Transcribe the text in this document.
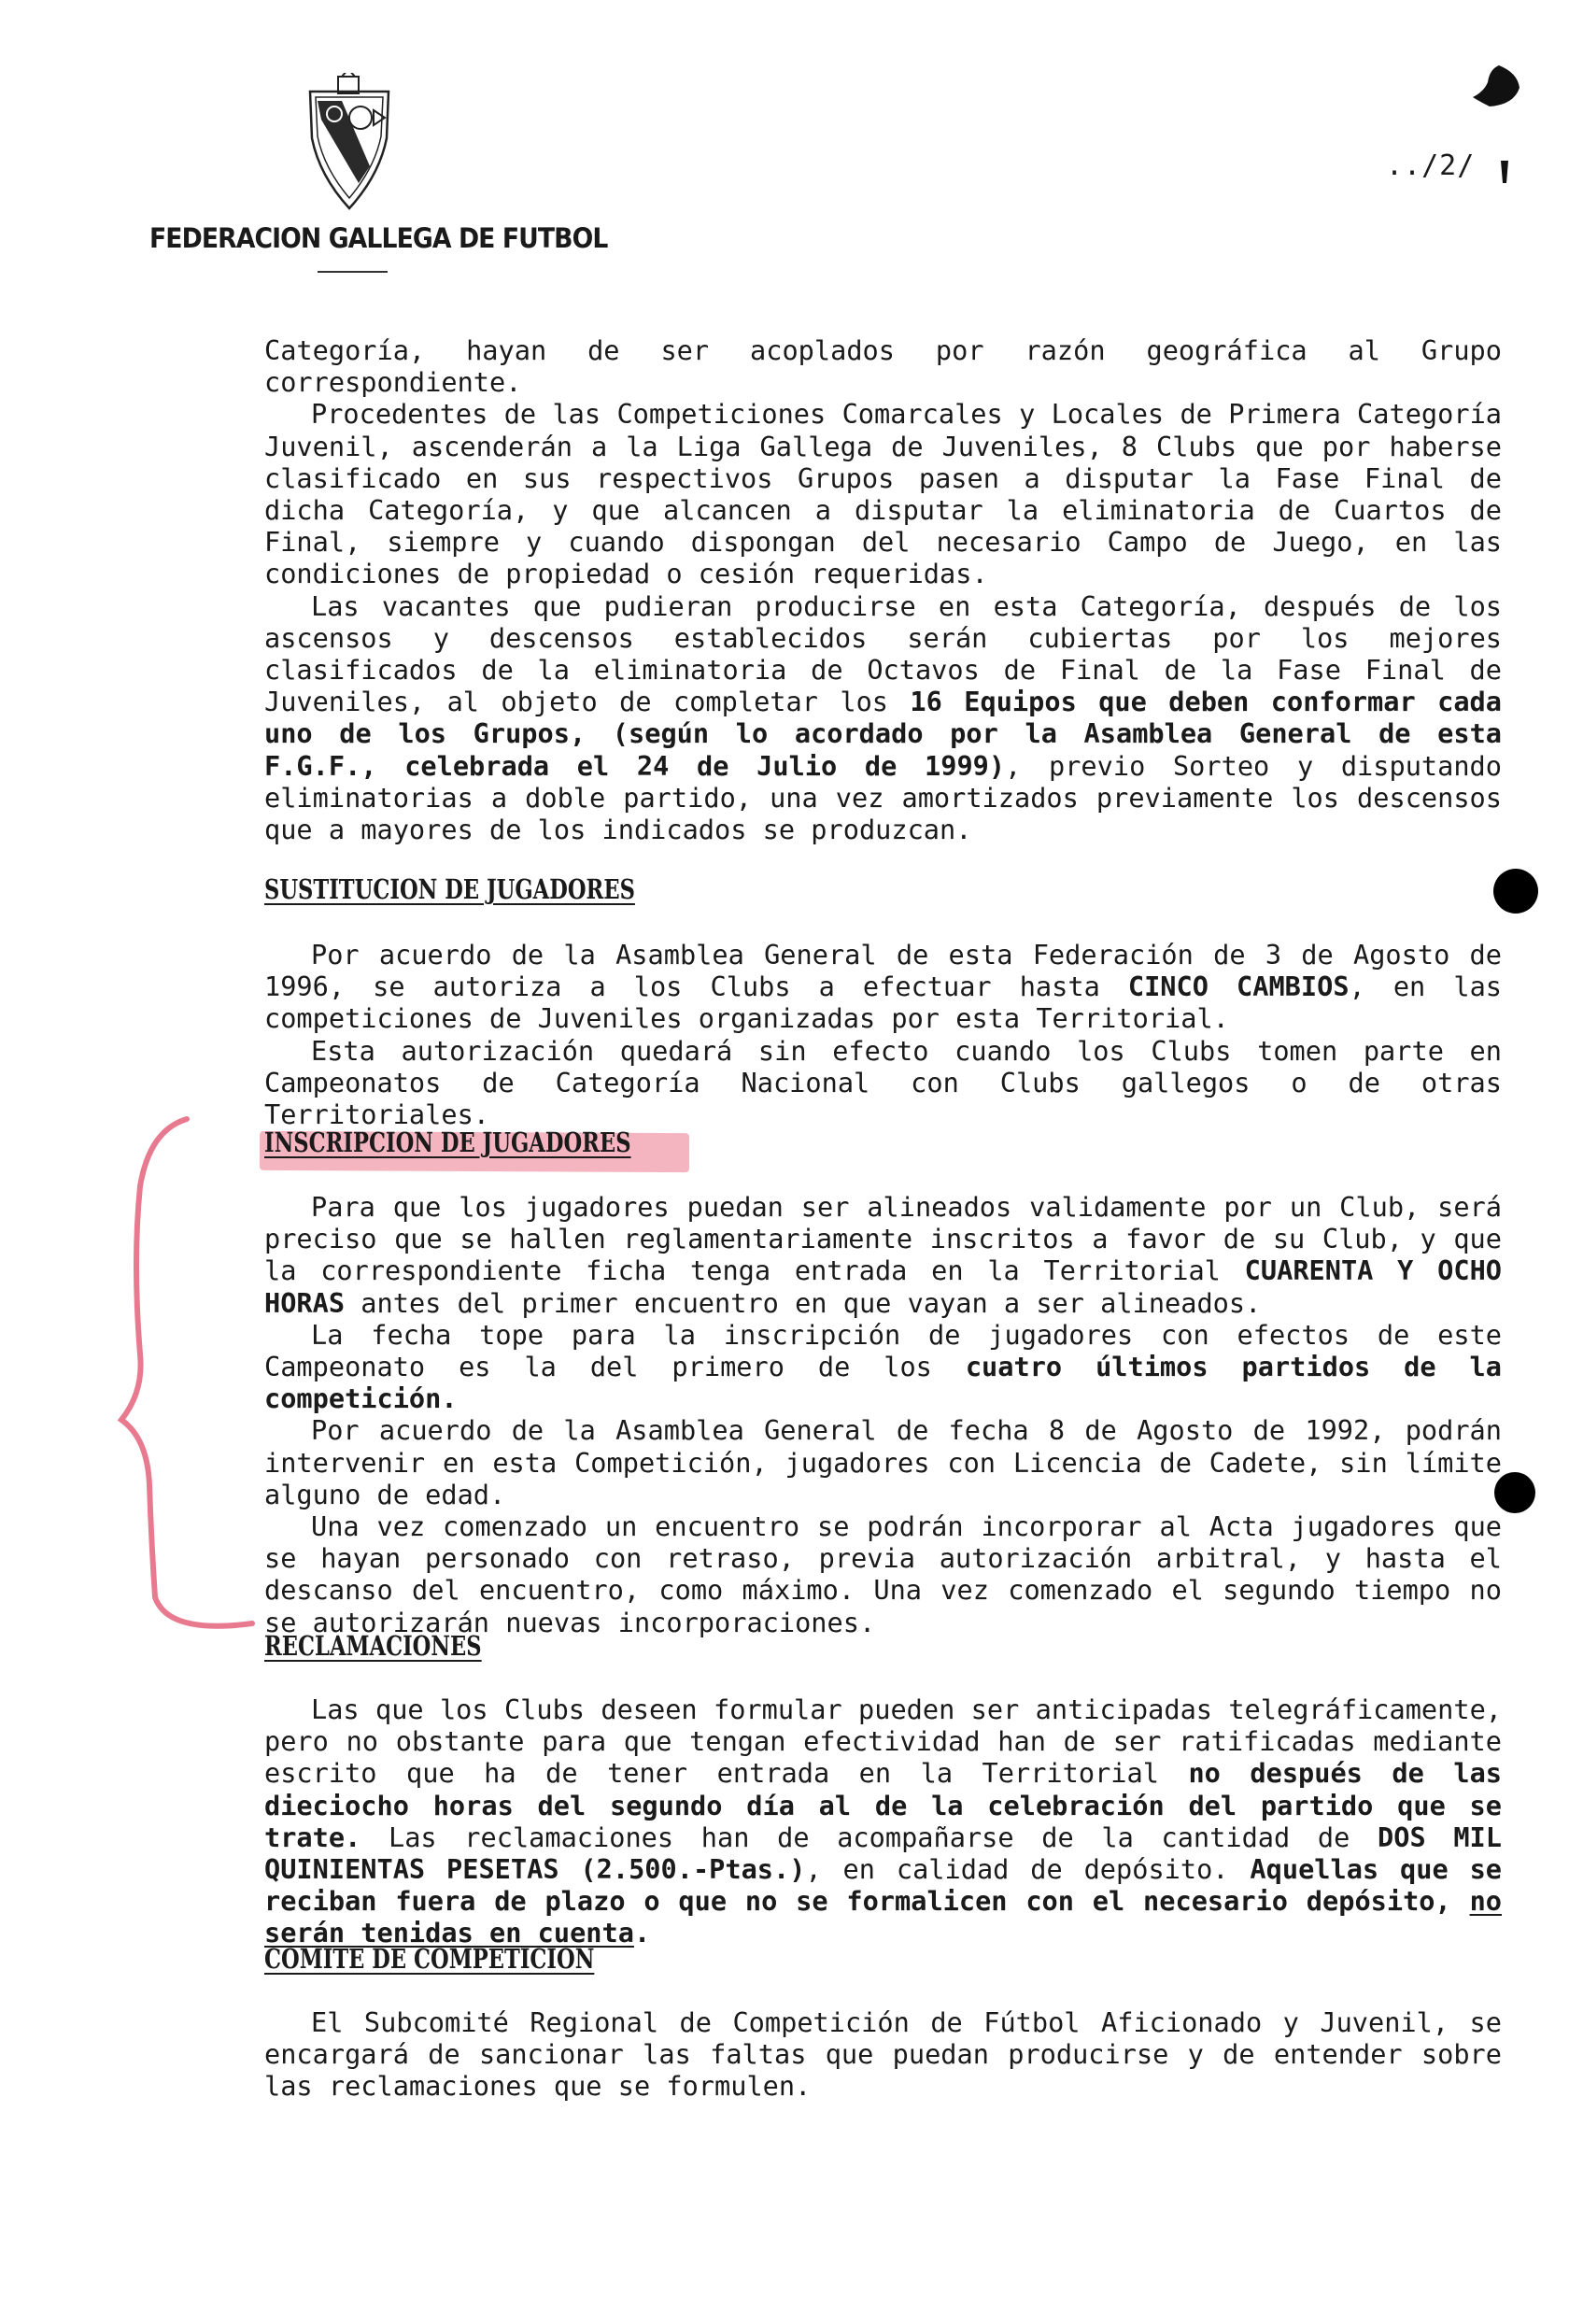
FEDERACION GALLEGA DE FUTBOL
../2/

Categoría, hayan de ser acoplados por razón geográfica al Grupo correspondiente.

Procedentes de las Competiciones Comarcales y Locales de Primera Categoría Juvenil, ascenderán a la Liga Gallega de Juveniles, 8 Clubs que por haberse clasificado en sus respectivos Grupos pasen a disputar la Fase Final de dicha Categoría, y que alcancen a disputar la eliminatoria de Cuartos de Final, siempre y cuando dispongan del necesario Campo de Juego, en las condiciones de propiedad o cesión requeridas.

Las vacantes que pudieran producirse en esta Categoría, después de los ascensos y descensos establecidos serán cubiertas por los mejores clasificados de la eliminatoria de Octavos de Final de la Fase Final de Juveniles, al objeto de completar los 16 Equipos que deben conformar cada uno de los Grupos, (según lo acordado por la Asamblea General de esta F.G.F., celebrada el 24 de Julio de 1999), previo Sorteo y disputando eliminatorias a doble partido, una vez amortizados previamente los descensos que a mayores de los indicados se produzcan.

SUSTITUCION DE JUGADORES

Por acuerdo de la Asamblea General de esta Federación de 3 de Agosto de 1996, se autoriza a los Clubs a efectuar hasta CINCO CAMBIOS, en las competiciones de Juveniles organizadas por esta Territorial.

Esta autorización quedará sin efecto cuando los Clubs tomen parte en Campeonatos de Categoría Nacional con Clubs gallegos o de otras Territoriales.

INSCRIPCION DE JUGADORES

Para que los jugadores puedan ser alineados validamente por un Club, será preciso que se hallen reglamentariamente inscritos a favor de su Club, y que la correspondiente ficha tenga entrada en la Territorial CUARENTA Y OCHO HORAS antes del primer encuentro en que vayan a ser alineados.

La fecha tope para la inscripción de jugadores con efectos de este Campeonato es la del primero de los cuatro últimos partidos de la competición.

Por acuerdo de la Asamblea General de fecha 8 de Agosto de 1992, podrán intervenir en esta Competición, jugadores con Licencia de Cadete, sin límite alguno de edad.

Una vez comenzado un encuentro se podrán incorporar al Acta jugadores que se hayan personado con retraso, previa autorización arbitral, y hasta el descanso del encuentro, como máximo. Una vez comenzado el segundo tiempo no se autorizarán nuevas incorporaciones.

RECLAMACIONES

Las que los Clubs deseen formular pueden ser anticipadas telegráficamente, pero no obstante para que tengan efectividad han de ser ratificadas mediante escrito que ha de tener entrada en la Territorial no después de las dieciocho horas del segundo día al de la celebración del partido que se trate. Las reclamaciones han de acompañarse de la cantidad de DOS MIL QUINIENTAS PESETAS (2.500.-Ptas.), en calidad de depósito. Aquellas que se reciban fuera de plazo o que no se formalicen con el necesario depósito, no serán tenidas en cuenta.

COMITE DE COMPETICION

El Subcomité Regional de Competición de Fútbol Aficionado y Juvenil, se encargará de sancionar las faltas que puedan producirse y de entender sobre las reclamaciones que se formulen.
